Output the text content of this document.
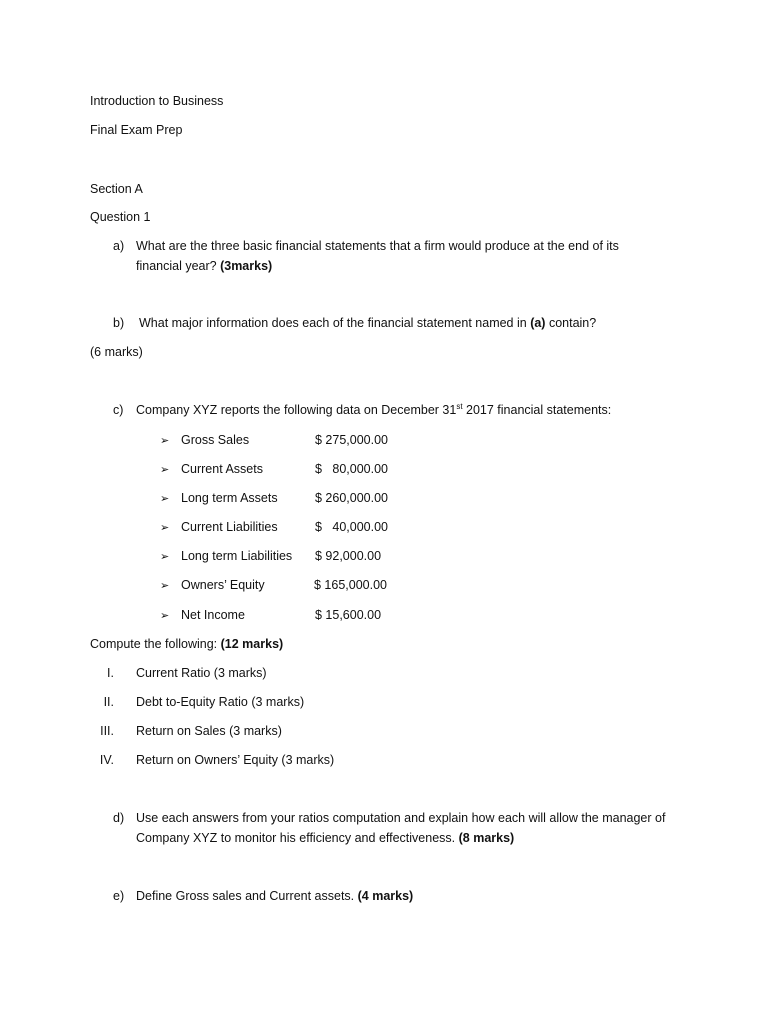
Introduction to Business
Final Exam Prep
Section A
Question 1
a) What are the three basic financial statements that a firm would produce at the end of its
financial year? (3marks)
b) What major information does each of the financial statement named in (a) contain?
(6 marks)
c) Company XYZ reports the following data on December 31st 2017 financial statements:
➢ Gross Sales	$ 275,000.00
➢ Current Assets	$   80,000.00
➢ Long term Assets	$ 260,000.00
➢ Current Liabilities	$   40,000.00
➢ Long term Liabilities $ 92,000.00
➢ Owners’ Equity	$ 165,000.00
➢ Net Income	$ 15,600.00
Compute the following: (12 marks)
I. Current Ratio (3 marks)
II. Debt to-Equity Ratio (3 marks)
III. Return on Sales (3 marks)
IV. Return on Owners’ Equity (3 marks)
d) Use each answers from your ratios computation and explain how each will allow the manager of
Company XYZ to monitor his efficiency and effectiveness. (8 marks)
e) Define Gross sales and Current assets. (4 marks)
